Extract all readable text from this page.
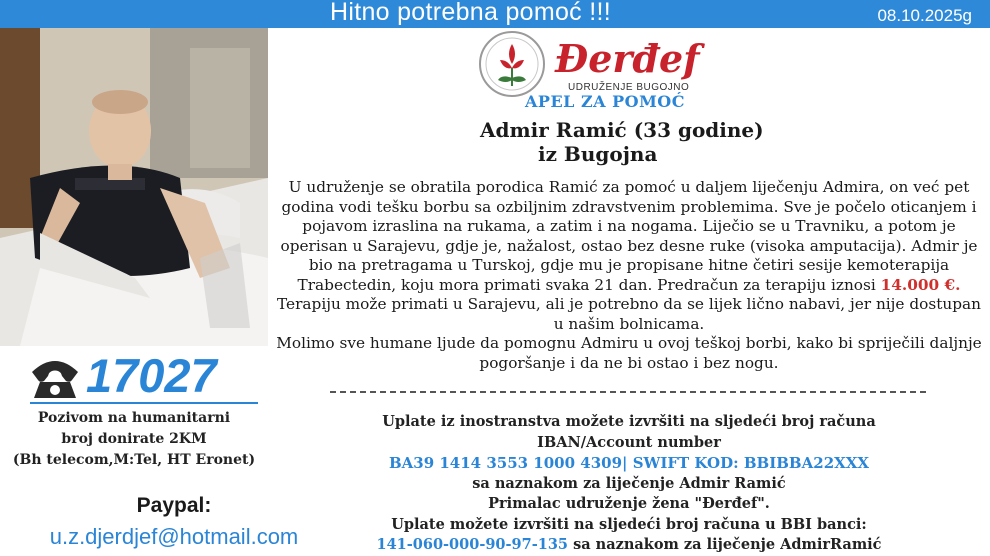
Hitno potrebna pomoć !!!	08.10.2025g
17027
Pozivom na humanitarni
broj donirate 2KM
(Bh telecom,M:Tel, HT Eronet)
Paypal:
u.z.djerdjef@hotmail.com
Đerđef
UDRUŽENJE BUGOJNO
APEL ZA POMOĆ
Admir Ramić (33 godine)
iz Bugojna
U udruženje se obratila porodica Ramić za pomoć u daljem liječenju Admira, on već pet godina vodi tešku borbu sa ozbiljnim zdravstvenim problemima. Sve je počelo oticanjem i pojavom izraslina na rukama, a zatim i na nogama. Liječio se u Travniku, a potom je operisan u Sarajevu, gdje je, nažalost, ostao bez desne ruke (visoka amputacija). Admir je bio na pretragama u Turskoj, gdje mu je propisane hitne četiri sesije kemoterapija Trabectedin, koju mora primati svaka 21 dan. Predračun za terapiju iznosi 14.000 €. Terapiju može primati u Sarajevu, ali je potrebno da se lijek lično nabavi, jer nije dostupan u našim bolnicama.
Molimo sve humane ljude da pomognu Admiru u ovoj teškoj borbi, kako bi spriječili daljnje pogoršanje i da ne bi ostao i bez nogu.
Uplate iz inostranstva možete izvršiti na sljedeći broj računa
IBAN/Account number
BA39 1414 3553 1000 4309| SWIFT KOD: BBIBBA22XXX
sa naznakom za liječenje Admir Ramić
Primalac udruženje žena "Đerđef".
Uplate možete izvršiti na sljedeći broj računa u BBI banci:
141-060-000-90-97-135 sa naznakom za liječenje AdmirRamić
